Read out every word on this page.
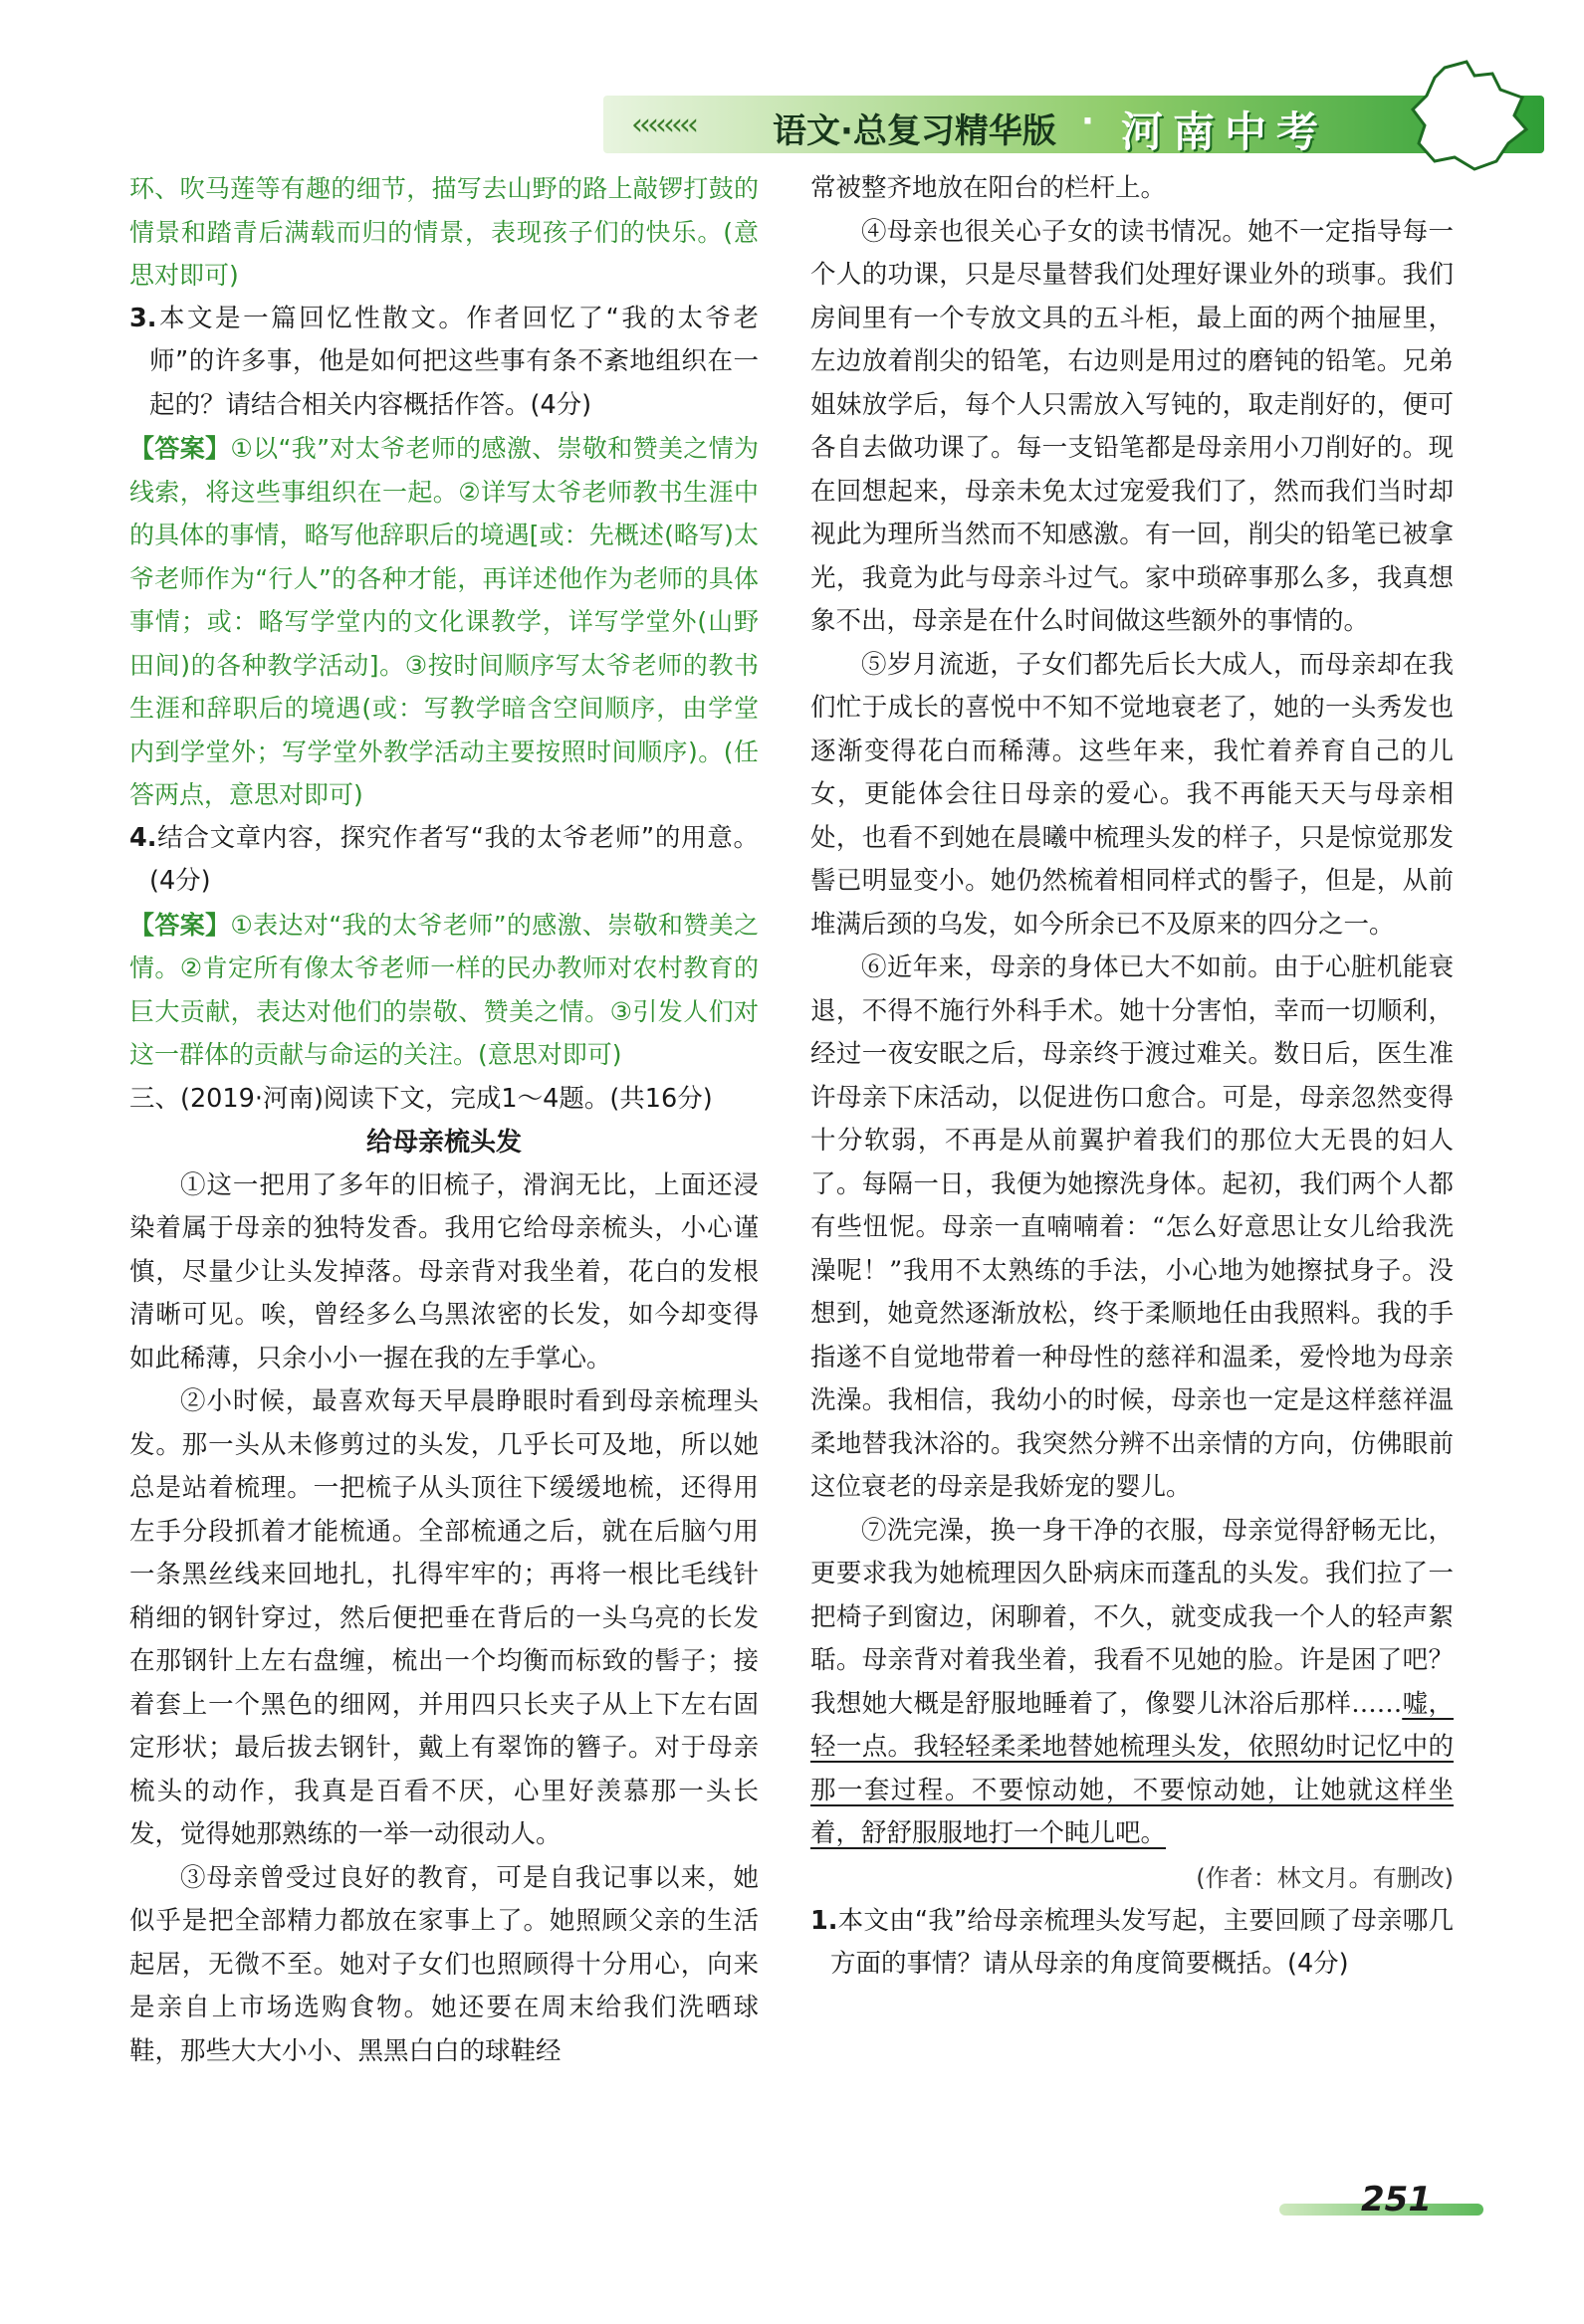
‹‹‹‹‹‹‹‹ 语文·总复习精华版 · 河南中考

环、吹马莲等有趣的细节，描写去山野的路上敲锣打鼓的情景和踏青后满载而归的情景，表现孩子们的快乐。(意思对即可)

3.本文是一篇回忆性散文。作者回忆了“我的太爷老师”的许多事，他是如何把这些事有条不紊地组织在一起的？请结合相关内容概括作答。(4分)

【答案】①以“我”对太爷老师的感激、崇敬和赞美之情为线索，将这些事组织在一起。②详写太爷老师教书生涯中的具体的事情，略写他辞职后的境遇[或：先概述(略写)太爷老师作为“行人”的各种才能，再详述他作为老师的具体事情；或：略写学堂内的文化课教学，详写学堂外(山野田间)的各种教学活动]。③按时间顺序写太爷老师的教书生涯和辞职后的境遇(或：写教学暗含空间顺序，由学堂内到学堂外；写学堂外教学活动主要按照时间顺序)。(任答两点，意思对即可)

4.结合文章内容，探究作者写“我的太爷老师”的用意。(4分)

【答案】①表达对“我的太爷老师”的感激、崇敬和赞美之情。②肯定所有像太爷老师一样的民办教师对农村教育的巨大贡献，表达对他们的崇敬、赞美之情。③引发人们对这一群体的贡献与命运的关注。(意思对即可)

三、(2019·河南)阅读下文，完成1～4题。(共16分)

给母亲梳头发

①这一把用了多年的旧梳子，滑润无比，上面还浸染着属于母亲的独特发香。我用它给母亲梳头，小心谨慎，尽量少让头发掉落。母亲背对我坐着，花白的发根清晰可见。唉，曾经多么乌黑浓密的长发，如今却变得如此稀薄，只余小小一握在我的左手掌心。

②小时候，最喜欢每天早晨睁眼时看到母亲梳理头发。那一头从未修剪过的头发，几乎长可及地，所以她总是站着梳理。一把梳子从头顶往下缓缓地梳，还得用左手分段抓着才能梳通。全部梳通之后，就在后脑勺用一条黑丝线来回地扎，扎得牢牢的；再将一根比毛线针稍细的钢针穿过，然后便把垂在背后的一头乌亮的长发在那钢针上左右盘缠，梳出一个均衡而标致的髻子；接着套上一个黑色的细网，并用四只长夹子从上下左右固定形状；最后拔去钢针，戴上有翠饰的簪子。对于母亲梳头的动作，我真是百看不厌，心里好羡慕那一头长发，觉得她那熟练的一举一动很动人。

③母亲曾受过良好的教育，可是自我记事以来，她似乎是把全部精力都放在家事上了。她照顾父亲的生活起居，无微不至。她对子女们也照顾得十分用心，向来是亲自上市场选购食物。她还要在周末给我们洗晒球鞋，那些大大小小、黑黑白白的球鞋经

常被整齐地放在阳台的栏杆上。

④母亲也很关心子女的读书情况。她不一定指导每一个人的功课，只是尽量替我们处理好课业外的琐事。我们房间里有一个专放文具的五斗柜，最上面的两个抽屉里，左边放着削尖的铅笔，右边则是用过的磨钝的铅笔。兄弟姐妹放学后，每个人只需放入写钝的，取走削好的，便可各自去做功课了。每一支铅笔都是母亲用小刀削好的。现在回想起来，母亲未免太过宠爱我们了，然而我们当时却视此为理所当然而不知感激。有一回，削尖的铅笔已被拿光，我竟为此与母亲斗过气。家中琐碎事那么多，我真想象不出，母亲是在什么时间做这些额外的事情的。

⑤岁月流逝，子女们都先后长大成人，而母亲却在我们忙于成长的喜悦中不知不觉地衰老了，她的一头秀发也逐渐变得花白而稀薄。这些年来，我忙着养育自己的儿女，更能体会往日母亲的爱心。我不再能天天与母亲相处，也看不到她在晨曦中梳理头发的样子，只是惊觉那发髻已明显变小。她仍然梳着相同样式的髻子，但是，从前堆满后颈的乌发，如今所余已不及原来的四分之一。

⑥近年来，母亲的身体已大不如前。由于心脏机能衰退，不得不施行外科手术。她十分害怕，幸而一切顺利，经过一夜安眠之后，母亲终于渡过难关。数日后，医生准许母亲下床活动，以促进伤口愈合。可是，母亲忽然变得十分软弱，不再是从前翼护着我们的那位大无畏的妇人了。每隔一日，我便为她擦洗身体。起初，我们两个人都有些忸怩。母亲一直喃喃着：“怎么好意思让女儿给我洗澡呢！”我用不太熟练的手法，小心地为她擦拭身子。没想到，她竟然逐渐放松，终于柔顺地任由我照料。我的手指遂不自觉地带着一种母性的慈祥和温柔，爱怜地为母亲洗澡。我相信，我幼小的时候，母亲也一定是这样慈祥温柔地替我沐浴的。我突然分辨不出亲情的方向，仿佛眼前这位衰老的母亲是我娇宠的婴儿。

⑦洗完澡，换一身干净的衣服，母亲觉得舒畅无比，更要求我为她梳理因久卧病床而蓬乱的头发。我们拉了一把椅子到窗边，闲聊着，不久，就变成我一个人的轻声絮聒。母亲背对着我坐着，我看不见她的脸。许是困了吧？我想她大概是舒服地睡着了，像婴儿沐浴后那样……嘘，轻一点。我轻轻柔柔地替她梳理头发，依照幼时记忆中的那一套过程。不要惊动她，不要惊动她，让她就这样坐着，舒舒服服地打一个盹儿吧。

(作者：林文月。有删改)

1.本文由“我”给母亲梳理头发写起，主要回顾了母亲哪几方面的事情？请从母亲的角度简要概括。(4分)

251
